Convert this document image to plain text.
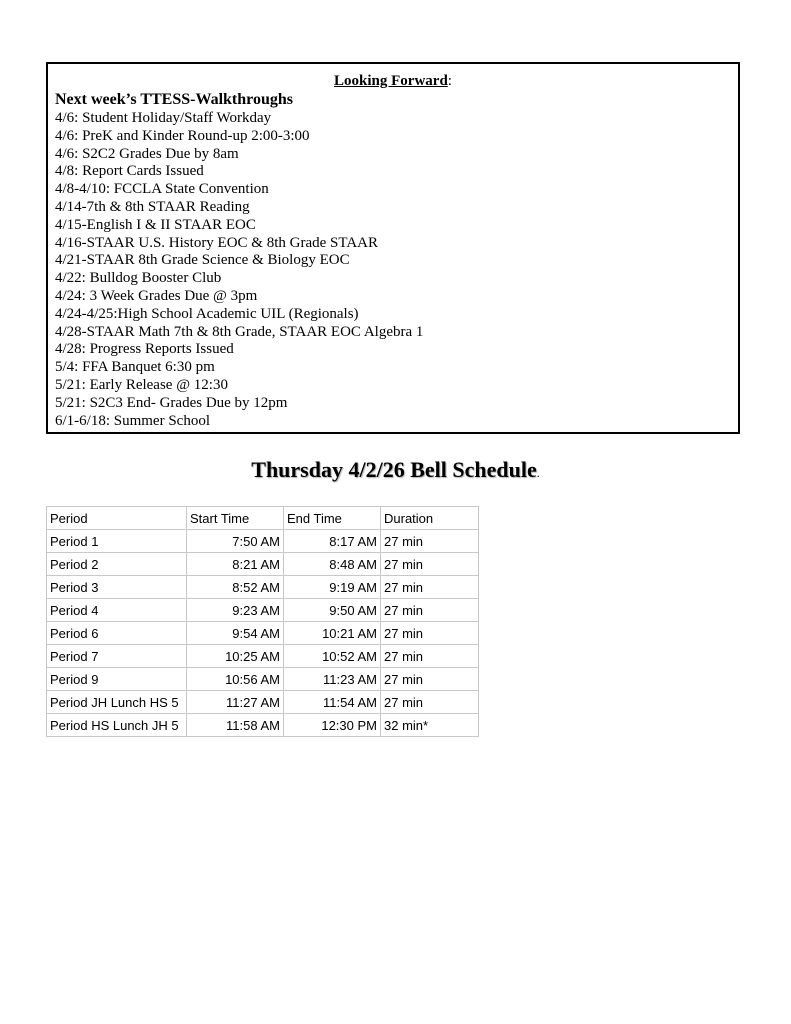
Looking Forward:
Next week’s TTESS-Walkthroughs
4/6: Student Holiday/Staff Workday
4/6: PreK and Kinder Round-up 2:00-3:00
4/6: S2C2 Grades Due by 8am
4/8: Report Cards Issued
4/8-4/10: FCCLA State Convention
4/14-7th & 8th STAAR Reading
4/15-English I & II STAAR EOC
4/16-STAAR U.S. History EOC & 8th Grade STAAR
4/21-STAAR 8th Grade Science & Biology EOC
4/22: Bulldog Booster Club
4/24: 3 Week Grades Due @ 3pm
4/24-4/25:High School Academic UIL (Regionals)
4/28-STAAR Math 7th & 8th Grade, STAAR EOC Algebra 1
4/28: Progress Reports Issued
5/4: FFA Banquet 6:30 pm
5/21: Early Release @ 12:30
5/21: S2C3 End- Grades Due by 12pm
6/1-6/18: Summer School
Thursday 4/2/26 Bell Schedule.
Period	Start Time	End Time	Duration
Period 1	7:50 AM	8:17 AM	27 min
Period 2	8:21 AM	8:48 AM	27 min
Period 3	8:52 AM	9:19 AM	27 min
Period 4	9:23 AM	9:50 AM	27 min
Period 6	9:54 AM	10:21 AM	27 min
Period 7	10:25 AM	10:52 AM	27 min
Period 9	10:56 AM	11:23 AM	27 min
Period JH Lunch HS 5	11:27 AM	11:54 AM	27 min
Period HS Lunch JH 5	11:58 AM	12:30 PM	32 min*
